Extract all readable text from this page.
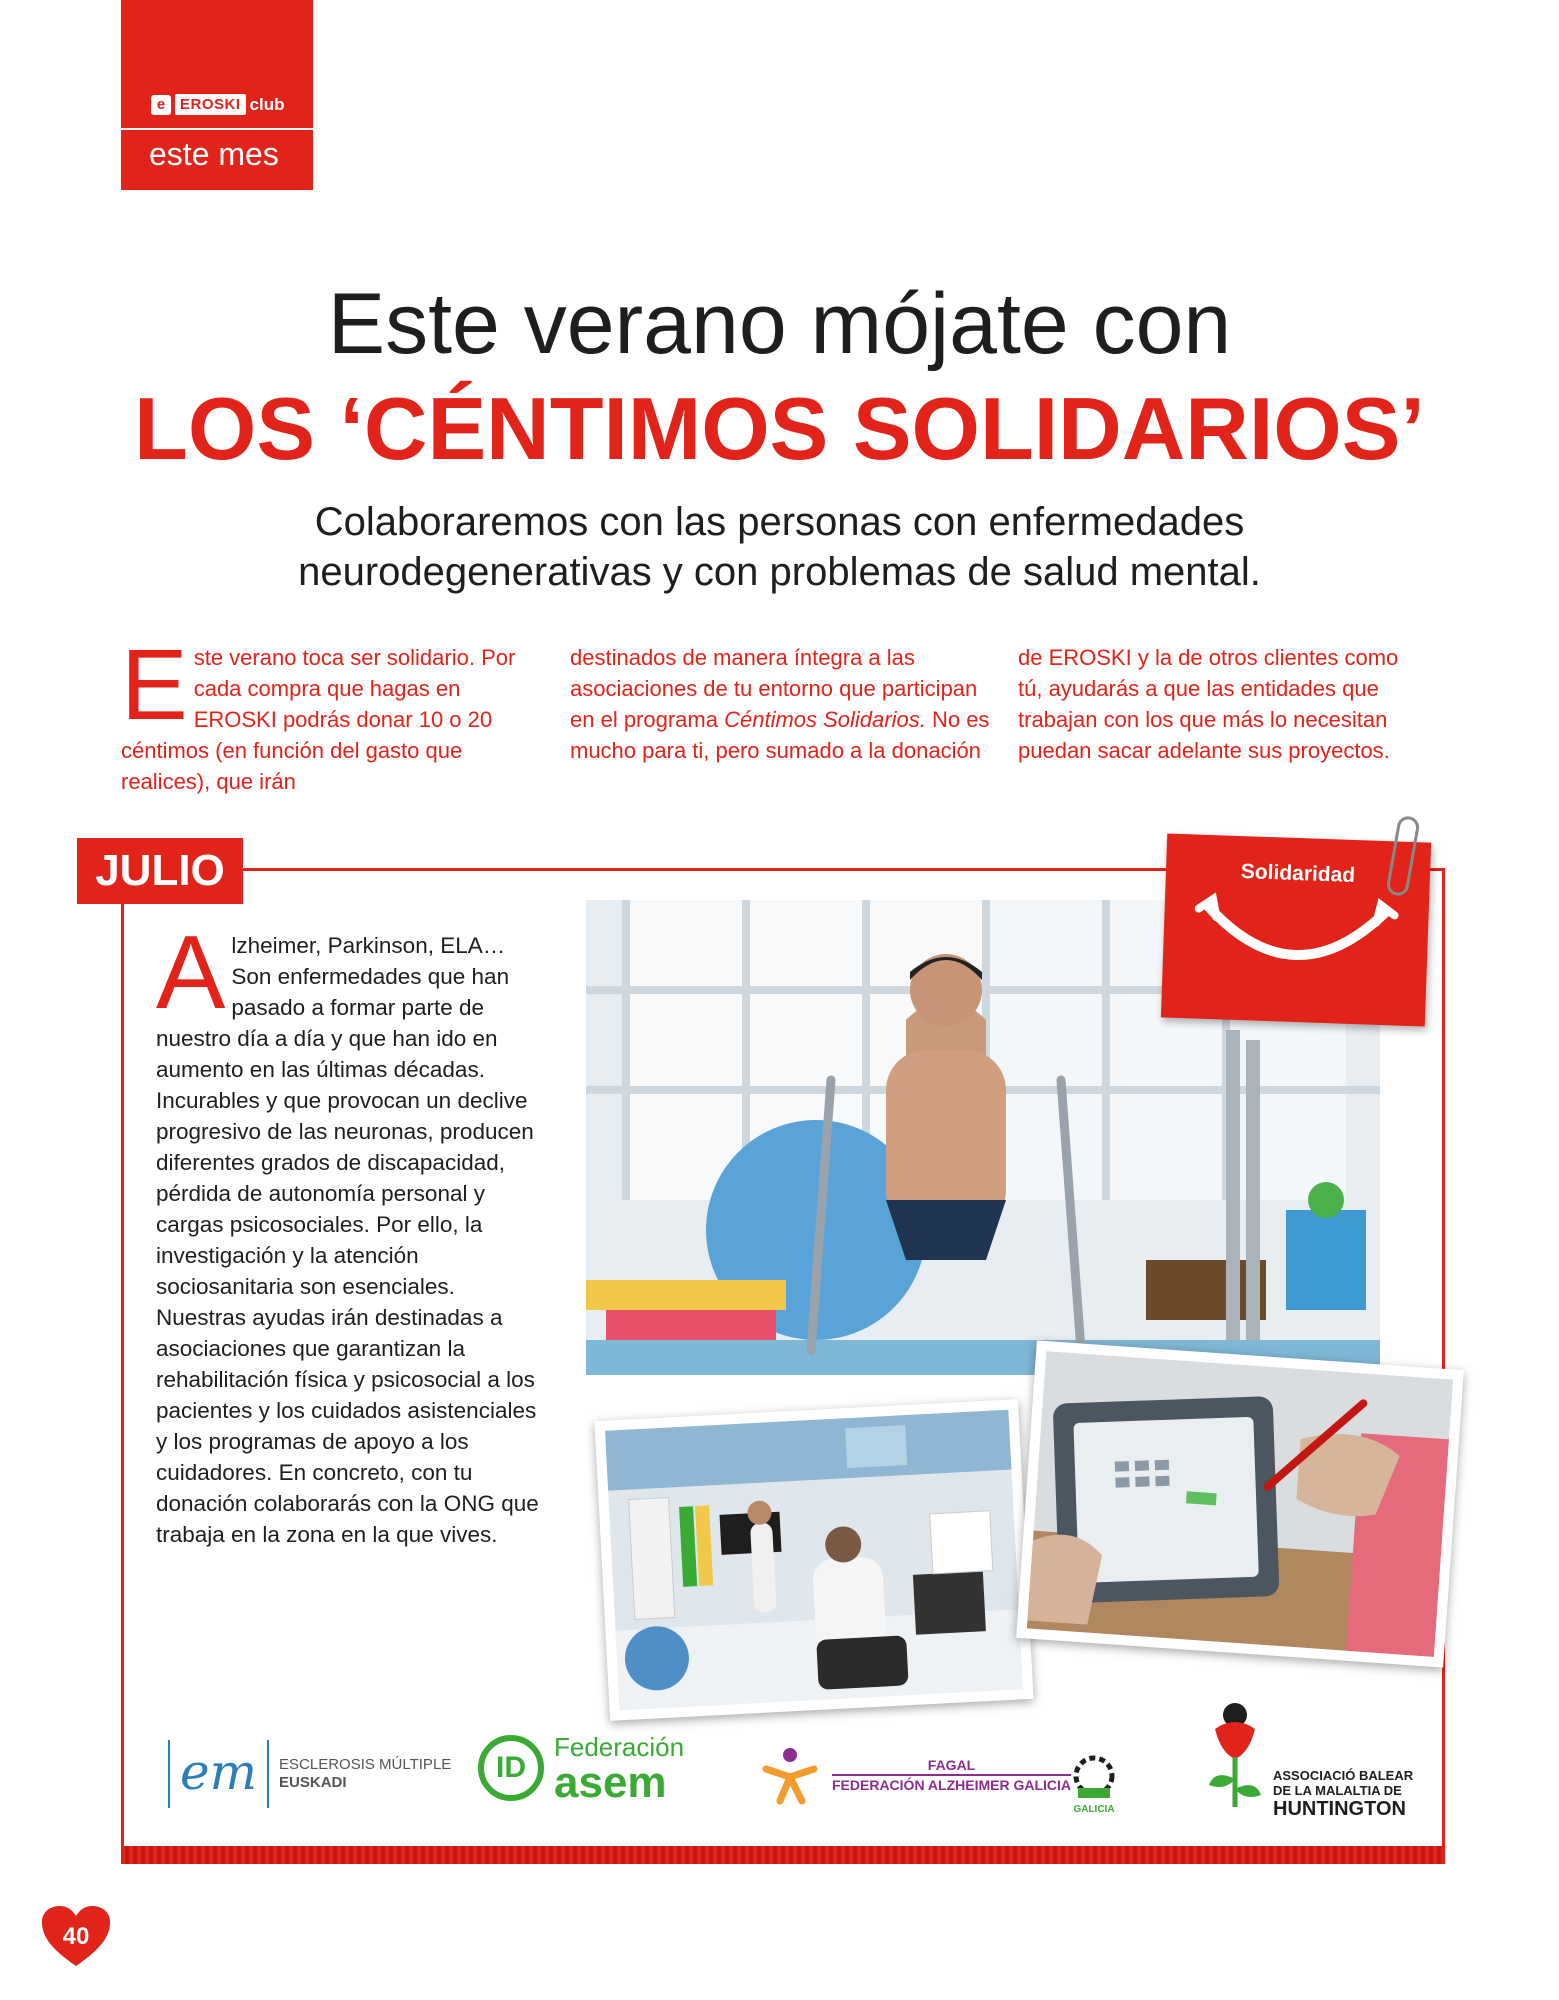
e EROSKI club
este mes
Este verano mójate con
LOS ‘CÉNTIMOS SOLIDARIOS’
Colaboraremos con las personas con enfermedades
neurodegenerativas y con problemas de salud mental.
Este verano toca ser solidario. Por cada compra que hagas en EROSKI podrás donar 10 o 20 céntimos (en función del gasto que realices), que irán
destinados de manera íntegra a las asociaciones de tu entorno que participan en el programa Céntimos Solidarios. No es mucho para ti, pero sumado a la donación
de EROSKI y la de otros clientes como tú, ayudarás a que las entidades que trabajan con los que más lo necesitan puedan sacar adelante sus proyectos.
JULIO
Alzheimer, Parkinson, ELA… Son enfermedades que han pasado a formar parte de nuestro día a día y que han ido en aumento en las últimas décadas. Incurables y que provocan un declive progresivo de las neuronas, producen diferentes grados de discapacidad, pérdida de autonomía personal y cargas psicosociales. Por ello, la investigación y la atención sociosanitaria son esenciales. Nuestras ayudas irán destinadas a asociaciones que garantizan la rehabilitación física y psicosocial a los pacientes y los cuidados asistenciales y los programas de apoyo a los cuidadores. En concreto, con tu donación colaborarás con la ONG que trabaja en la zona en la que vives.
Solidaridad
em	ESCLEROSIS MÚLTIPLE
EUSKADI	ID
Federación
asem	FAGAL
FEDERACIÓN ALZHEIMER GALICIA
GALICIA
ASSOCIACIÓ BALEAR
DE LA MALALTIA DE
HUNTINGTON
40
